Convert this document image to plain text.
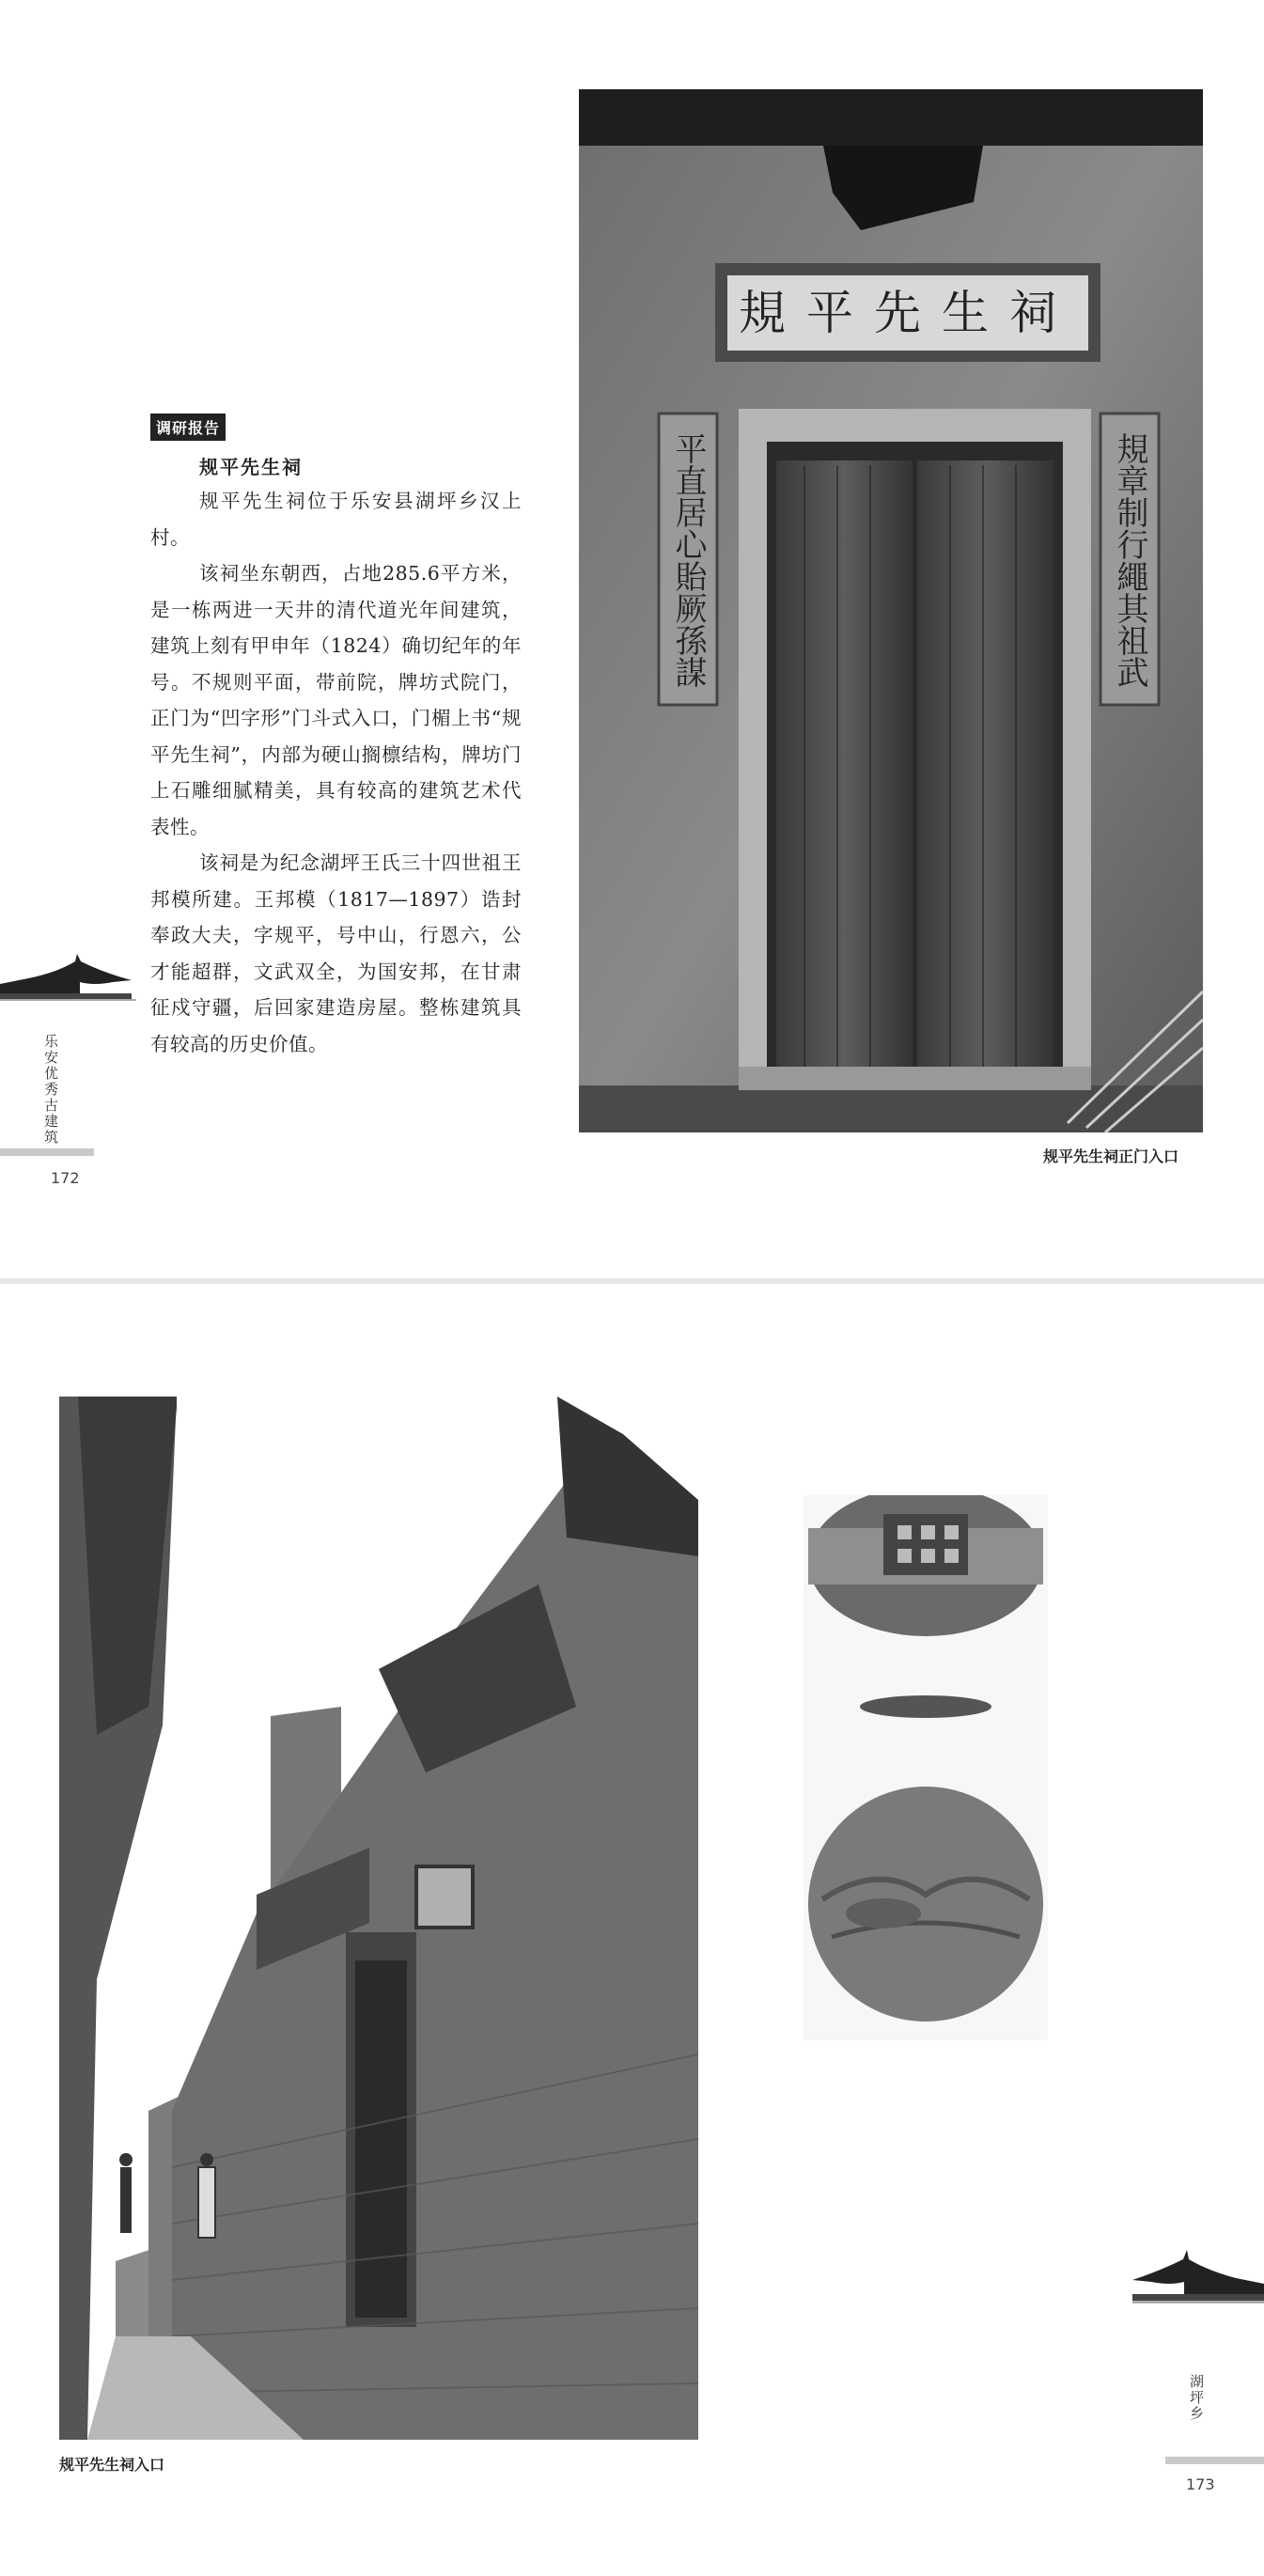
乐安优秀古建筑
172
调研报告
规平先生祠

规平先生祠位于乐安县湖坪乡汉上村。

该祠坐东朝西，占地285.6平方米，是一栋两进一天井的清代道光年间建筑，建筑上刻有甲申年（1824）确切纪年的年号。不规则平面，带前院，牌坊式院门，正门为“凹字形”门斗式入口，门楣上书“规平先生祠”，内部为硬山搁檩结构，牌坊门上石雕细腻精美，具有较高的建筑艺术代表性。

该祠是为纪念湖坪王氏三十四世祖王邦模所建。王邦模（1817—1897）诰封奉政大夫，字规平，号中山，行恩六，公才能超群，文武双全，为国安邦，在甘肃征戍守疆，后回家建造房屋。整栋建筑具有较高的历史价值。

規平先生祠
平直居心貽厥孫謀	規章制行繩其祖武
规平先生祠正门入口
规平先生祠入口
湖坪乡
173
